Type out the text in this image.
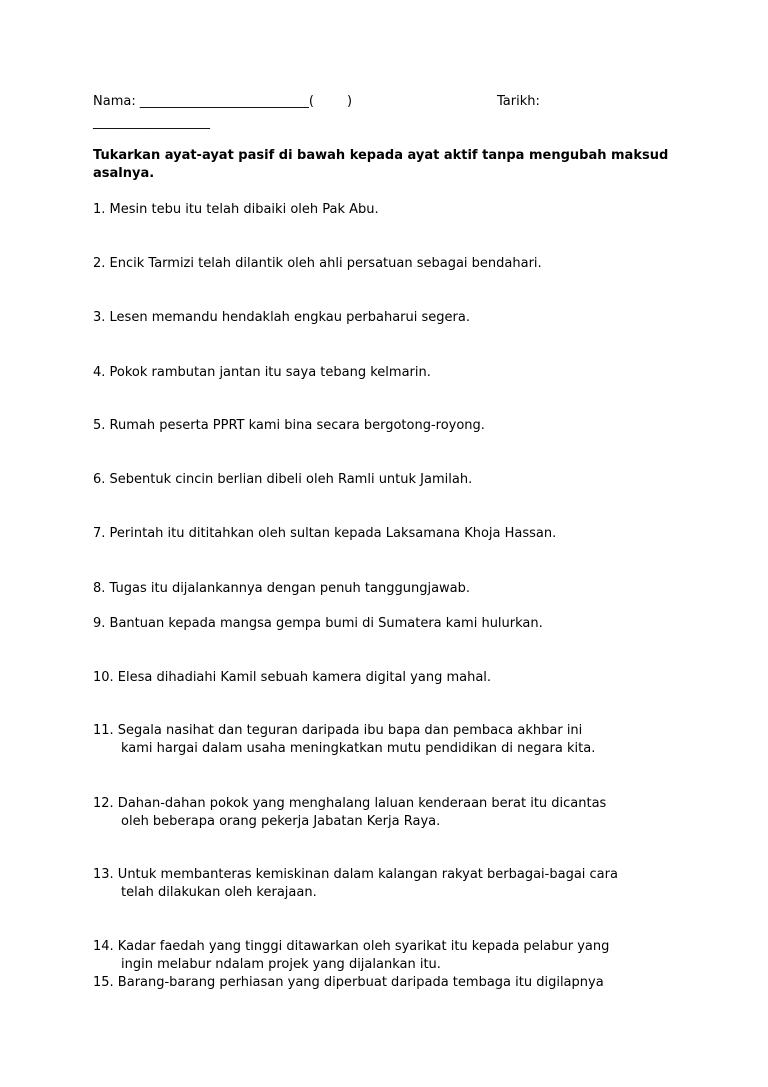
Nama: __________________________(        )	Tarikh:
__________________
Tukarkan ayat-ayat pasif di bawah kepada ayat aktif tanpa mengubah maksud
asalnya.
1. Mesin tebu itu telah dibaiki oleh Pak Abu.
2. Encik Tarmizi telah dilantik oleh ahli persatuan sebagai bendahari.
3. Lesen memandu hendaklah engkau perbaharui segera.
4. Pokok rambutan jantan itu saya tebang kelmarin.
5. Rumah peserta PPRT kami bina secara bergotong-royong.
6. Sebentuk cincin berlian dibeli oleh Ramli untuk Jamilah.
7. Perintah itu dititahkan oleh sultan kepada Laksamana Khoja Hassan.
8. Tugas itu dijalankannya dengan penuh tanggungjawab.
9. Bantuan kepada mangsa gempa bumi di Sumatera kami hulurkan.
10. Elesa dihadiahi Kamil sebuah kamera digital yang mahal.
11. Segala nasihat dan teguran daripada ibu bapa dan pembaca akhbar ini
kami hargai dalam usaha meningkatkan mutu pendidikan di negara kita.
12. Dahan-dahan pokok yang menghalang laluan kenderaan berat itu dicantas
oleh beberapa orang pekerja Jabatan Kerja Raya.
13. Untuk membanteras kemiskinan dalam kalangan rakyat berbagai-bagai cara
telah dilakukan oleh kerajaan.
14. Kadar faedah yang tinggi ditawarkan oleh syarikat itu kepada pelabur yang
ingin melabur ndalam projek yang dijalankan itu.
15. Barang-barang perhiasan yang diperbuat daripada tembaga itu digilapnya
